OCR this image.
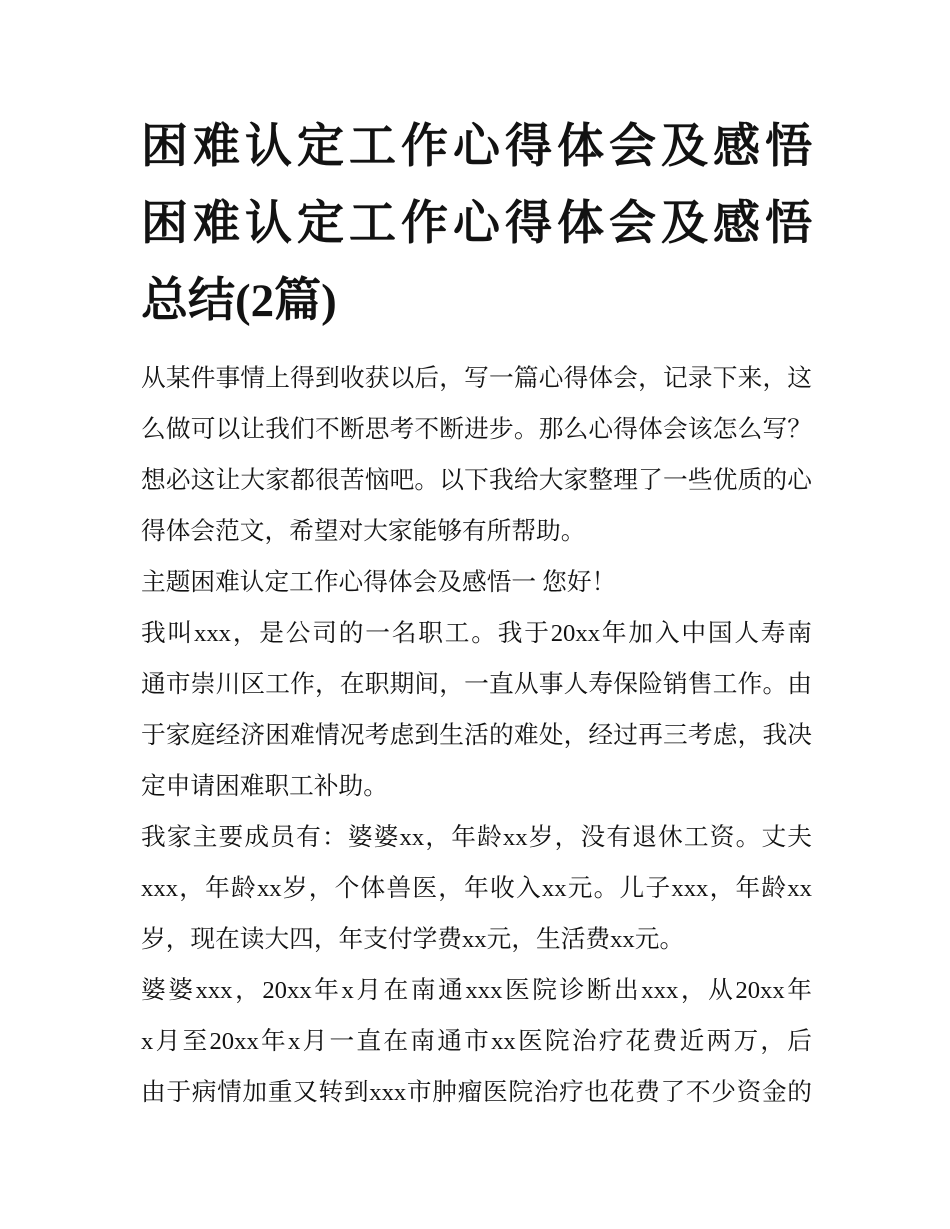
困难认定工作心得体会及感悟
困难认定工作心得体会及感悟
总结(2篇)
从某件事情上得到收获以后，写一篇心得体会，记录下来，这
么做可以让我们不断思考不断进步。那么心得体会该怎么写？
想必这让大家都很苦恼吧。以下我给大家整理了一些优质的心
得体会范文，希望对大家能够有所帮助。
主题困难认定工作心得体会及感悟一 您好！
我叫xxx，是公司的一名职工。我于20xx年加入中国人寿南
通市崇川区工作，在职期间，一直从事人寿保险销售工作。由
于家庭经济困难情况考虑到生活的难处，经过再三考虑，我决
定申请困难职工补助。
我家主要成员有：婆婆xx，年龄xx岁，没有退休工资。丈夫
xxx，年龄xx岁，个体兽医，年收入xx元。儿子xxx，年龄xx
岁，现在读大四，年支付学费xx元，生活费xx元。
婆婆xxx，20xx年x月在南通xxx医院诊断出xxx，从20xx年
x月至20xx年x月一直在南通市xx医院治疗花费近两万，后
由于病情加重又转到xxx市肿瘤医院治疗也花费了不少资金的
